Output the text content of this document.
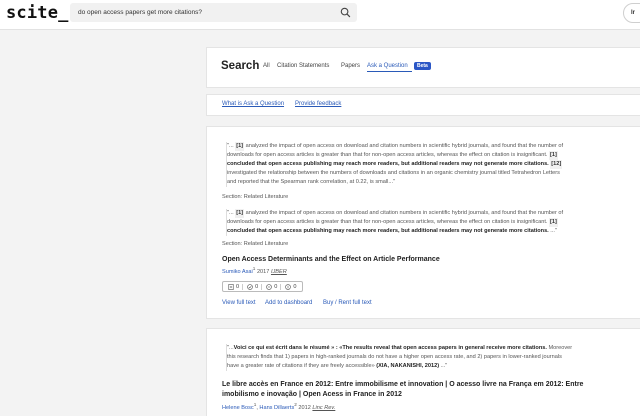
scite_
do open access papers get more citations?	Ir
Search All Citation Statements Papers Ask a Question	Beta
What is Ask a Question Provide feedback
"... [1] analyzed the impact of open access on download and citation numbers in scientific hybrid journals, and found that the number of
downloads for open access articles is greater than that for non-open access articles, whereas the effect on citation is insignificant. [1]
concluded that open access publishing may reach more readers, but additional readers may not generate more citations. [12]
investigated the relationship between the numbers of downloads and citations in an organic chemistry journal titled Tetrahedron Letters
and reported that the Spearman rank correlation, at 0.22, is small..."
Section: Related Literature
"... [1] analyzed the impact of open access on download and citation numbers in scientific hybrid journals, and found that the number of
downloads for open access articles is greater than that for non-open access articles, whereas the effect on citation is insignificant. [1]
concluded that open access publishing may reach more readers, but additional readers may not generate more citations. ..."
Section: Related Literature
Open Access Determinants and the Effect on Article Performance
Sumiko Asai$^1$ 2017 IJBER
0	0	0	0
View full text Add to dashboard Buy / Rent full text
"...Voici ce qui est écrit dans le résumé » : «The results reveal that open access papers in general receive more citations. Moreover
this research finds that 1) papers in high-ranked journals do not have a higher open access rate, and 2) papers in lower-ranked journals
have a greater rate of citations if they are freely accessible» (XIA, NAKANISHI, 2012) ..."
Le libre accès en France en 2012: Entre immobilisme et innovation | O acesso livre na França em 2012: Entre
imobilismo e inovação | Open Acess in France in 2012
Helene Bosc$^1$, Hans Dillaerts$^2$ 2012 Linc Rev.
